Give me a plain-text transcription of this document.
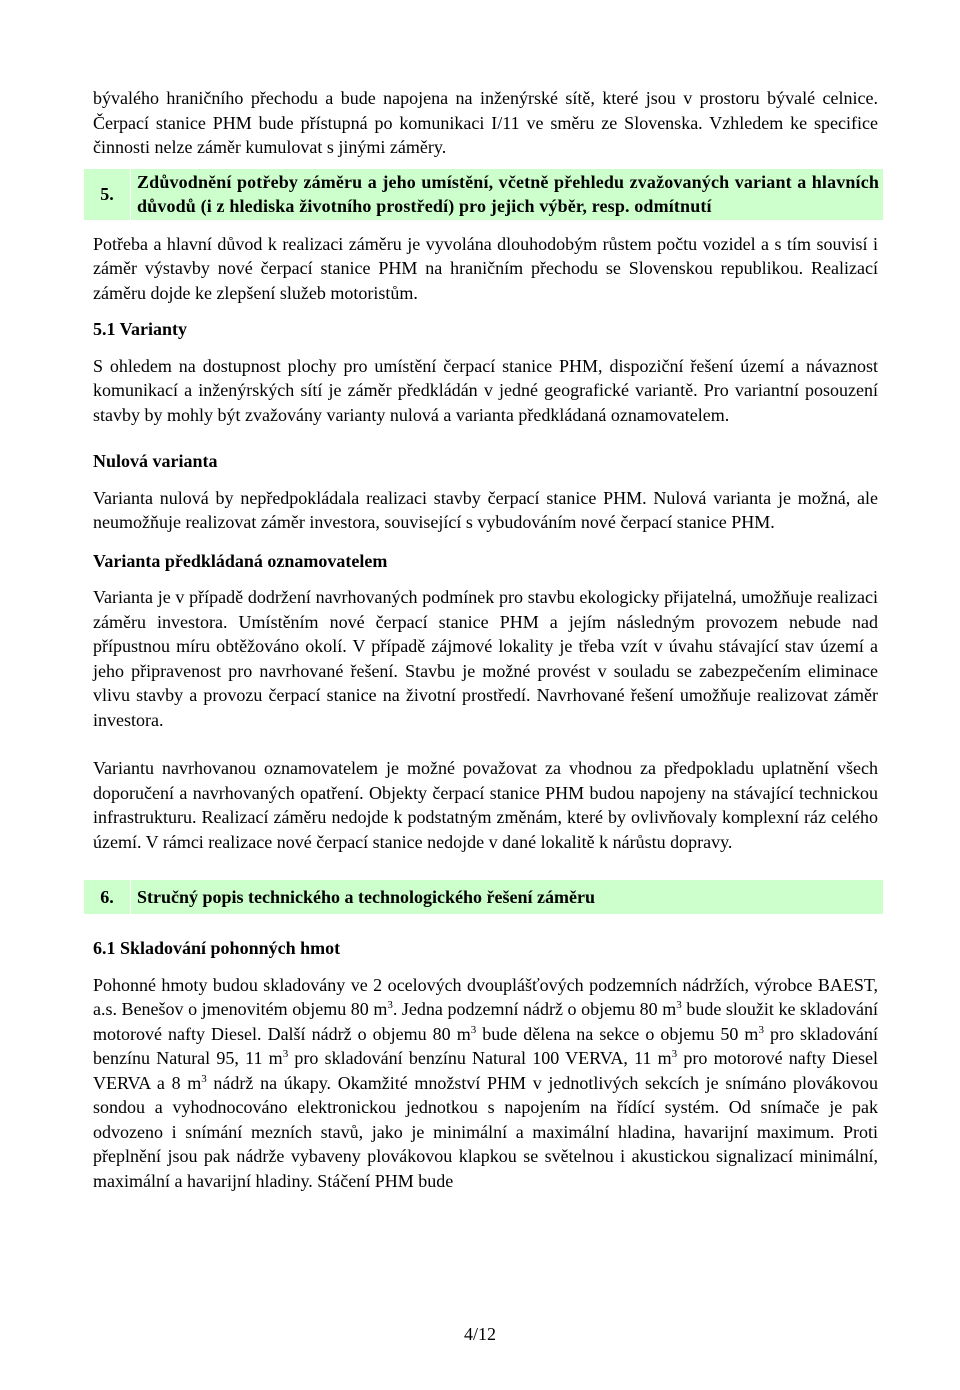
bývalého hraničního přechodu a bude napojena na inženýrské sítě, které jsou v prostoru bývalé celnice. Čerpací stanice PHM bude přístupná po komunikaci I/11 ve směru ze Slovenska. Vzhledem ke specifice činnosti nelze záměr kumulovat s jinými záměry.

5.
Zdůvodnění potřeby záměru a jeho umístění, včetně přehledu zvažovaných variant a hlavních důvodů (i z hlediska životního prostředí) pro jejich výběr, resp. odmítnutí

Potřeba a hlavní důvod k realizaci záměru je vyvolána dlouhodobým růstem počtu vozidel a s tím souvisí i záměr výstavby nové čerpací stanice PHM na hraničním přechodu se Slovenskou republikou. Realizací záměru dojde ke zlepšení služeb motoristům.

5.1 Varianty

S ohledem na dostupnost plochy pro umístění čerpací stanice PHM, dispoziční řešení území a návaznost komunikací a inženýrských sítí je záměr předkládán v jedné geografické variantě. Pro variantní posouzení stavby by mohly být zvažovány varianty nulová a varianta předkládaná oznamovatelem.

Nulová varianta

Varianta nulová by nepředpokládala realizaci stavby čerpací stanice PHM. Nulová varianta je možná, ale neumožňuje realizovat záměr investora, související s vybudováním nové čerpací stanice PHM.

Varianta předkládaná oznamovatelem

Varianta je v případě dodržení navrhovaných podmínek pro stavbu ekologicky přijatelná, umožňuje realizaci záměru investora. Umístěním nové čerpací stanice PHM a jejím následným provozem nebude nad přípustnou míru obtěžováno okolí. V případě zájmové lokality je třeba vzít v úvahu stávající stav území a jeho připravenost pro navrhované řešení. Stavbu je možné provést v souladu se zabezpečením eliminace vlivu stavby a provozu čerpací stanice na životní prostředí. Navrhované řešení umožňuje realizovat záměr investora.

Variantu navrhovanou oznamovatelem je možné považovat za vhodnou za předpokladu uplatnění všech doporučení a navrhovaných opatření. Objekty čerpací stanice PHM budou napojeny na stávající technickou infrastrukturu. Realizací záměru nedojde k podstatným změnám, které by ovlivňovaly komplexní ráz celého území. V rámci realizace nové čerpací stanice nedojde v dané lokalitě k nárůstu dopravy.

6.	Stručný popis technického a technologického řešení záměru
6.1 Skladování pohonných hmot

Pohonné hmoty budou skladovány ve 2 ocelových dvouplášťových podzemních nádržích, výrobce BAEST, a.s. Benešov o jmenovitém objemu 80 $m^3$. Jedna podzemní nádrž o objemu 80 $m^3$ bude sloužit ke skladování motorové nafty Diesel. Další nádrž o objemu 80 $m^3$ bude dělena na sekce o objemu 50 $m^3$ pro skladování benzínu Natural 95, 11 $m^3$ pro skladování benzínu Natural 100 VERVA, 11 $m^3$ pro motorové nafty Diesel VERVA a 8 $m^3$ nádrž na úkapy. Okamžité množství PHM v jednotlivých sekcích je snímáno plovákovou sondou a vyhodnocováno elektronickou jednotkou s napojením na řídící systém. Od snímače je pak odvozeno i snímání mezních stavů, jako je minimální a maximální hladina, havarijní maximum. Proti přeplnění jsou pak nádrže vybaveny plovákovou klapkou se světelnou i akustickou signalizací minimální, maximální a havarijní hladiny. Stáčení PHM bude

4/12
